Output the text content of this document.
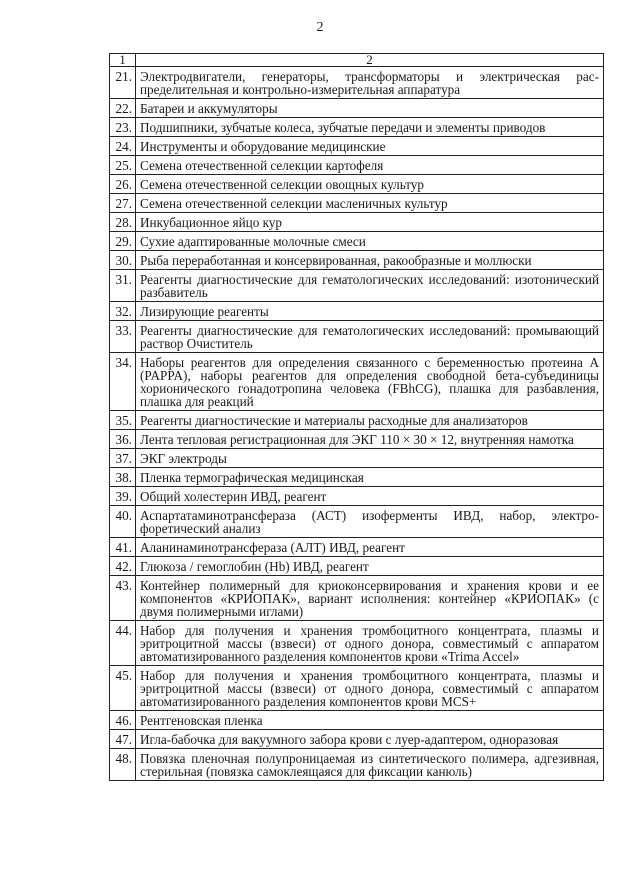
2
1	2
21.	Электродвигатели, генераторы, трансформаторы и электрическая распределительная и контрольно-измерительная аппаратура
22.	Батареи и аккумуляторы
23.	Подшипники, зубчатые колеса, зубчатые передачи и элементы приводов
24.	Инструменты и оборудование медицинские
25.	Семена отечественной селекции картофеля
26.	Семена отечественной селекции овощных культур
27.	Семена отечественной селекции масленичных культур
28.	Инкубационное яйцо кур
29.	Сухие адаптированные молочные смеси
30.	Рыба переработанная и консервированная, ракообразные и моллюски
31.	Реагенты диагностические для гематологических исследований: изотонический разбавитель
32.	Лизирующие реагенты
33.	Реагенты диагностические для гематологических исследований: промывающий раствор Очиститель
34.	Наборы реагентов для определения связанного с беременностью протеина А (PAPPA), наборы реагентов для определения свободной бета-субъединицы хорионического гонадотропина человека (FBhCG), плашка для разбавления, плашка для реакций
35.	Реагенты диагностические и материалы расходные для анализаторов
36.	Лента тепловая регистрационная для ЭКГ 110 × 30 × 12, внутренняя намотка
37.	ЭКГ электроды
38.	Пленка термографическая медицинская
39.	Общий холестерин ИВД, реагент
40.	Аспартатаминотрансфераза (АСТ) изоферменты ИВД, набор, электрофоретический анализ
41.	Аланинаминотрансфераза (АЛТ) ИВД, реагент
42.	Глюкоза / гемоглобин (Hb) ИВД, реагент
43.	Контейнер полимерный для криоконсервирования и хранения крови и ее компонентов «КРИОПАК», вариант исполнения: контейнер «КРИОПАК» (с двумя полимерными иглами)
44.	Набор для получения и хранения тромбоцитного концентрата, плазмы и эритроцитной массы (взвеси) от одного донора, совместимый с аппаратом автоматизированного разделения компонентов крови «Trima Accel»
45.	Набор для получения и хранения тромбоцитного концентрата, плазмы и эритроцитной массы (взвеси) от одного донора, совместимый с аппаратом автоматизированного разделения компонентов крови MCS+
46.	Рентгеновская пленка
47.	Игла-бабочка для вакуумного забора крови с луер-адаптером, одноразовая
48.	Повязка пленочная полупроницаемая из синтетического полимера, адгезивная, стерильная (повязка самоклеящаяся для фиксации канюль)
